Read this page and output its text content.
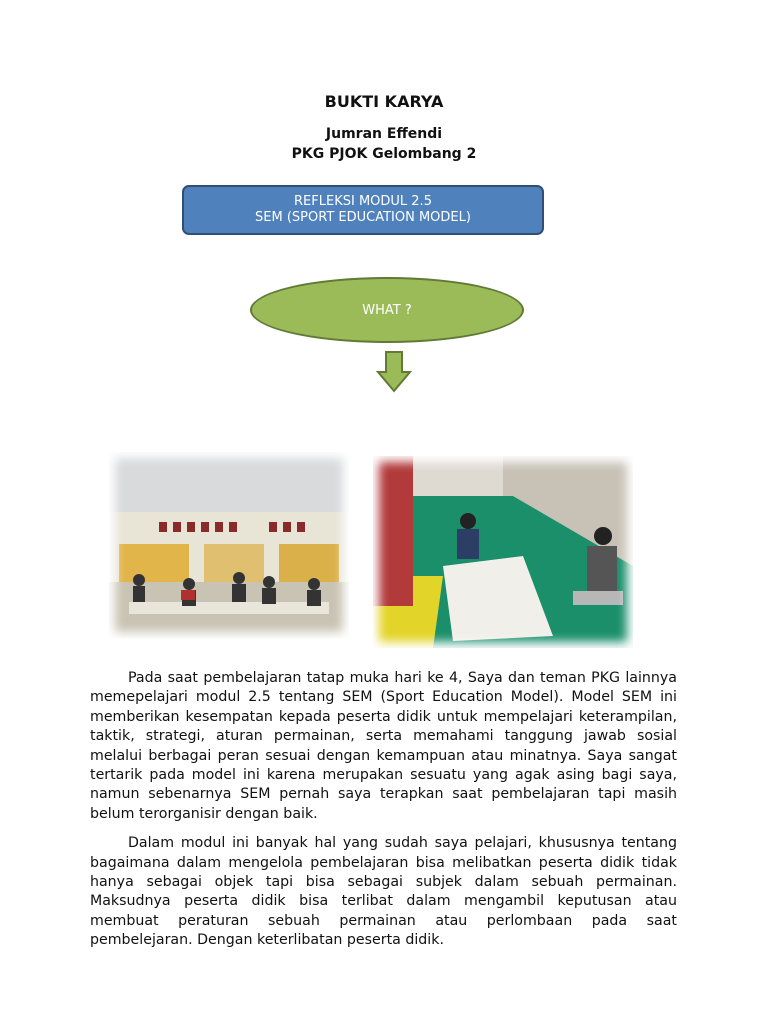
BUKTI KARYA
Jumran Effendi
PKG PJOK Gelombang 2
REFLEKSI MODUL 2.5
SEM (SPORT EDUCATION MODEL)
WHAT ?

Pada saat pembelajaran tatap muka hari ke 4, Saya dan teman PKG lainnya memepelajari modul 2.5 tentang SEM (Sport Education Model). Model SEM ini memberikan kesempatan kepada peserta didik untuk mempelajari keterampilan, taktik, strategi, aturan permainan, serta memahami tanggung jawab sosial melalui berbagai peran sesuai dengan kemampuan atau minatnya. Saya sangat tertarik pada model ini karena merupakan sesuatu yang agak asing bagi saya, namun sebenarnya SEM pernah saya terapkan saat pembelajaran tapi masih belum terorganisir dengan baik.

Dalam modul ini banyak hal yang sudah saya pelajari, khususnya tentang bagaimana dalam mengelola pembelajaran bisa melibatkan peserta didik tidak hanya sebagai objek tapi bisa sebagai subjek dalam sebuah permainan. Maksudnya peserta didik bisa terlibat dalam mengambil keputusan atau membuat peraturan sebuah permainan atau perlombaan pada saat pembelejaran. Dengan keterlibatan peserta didik.
